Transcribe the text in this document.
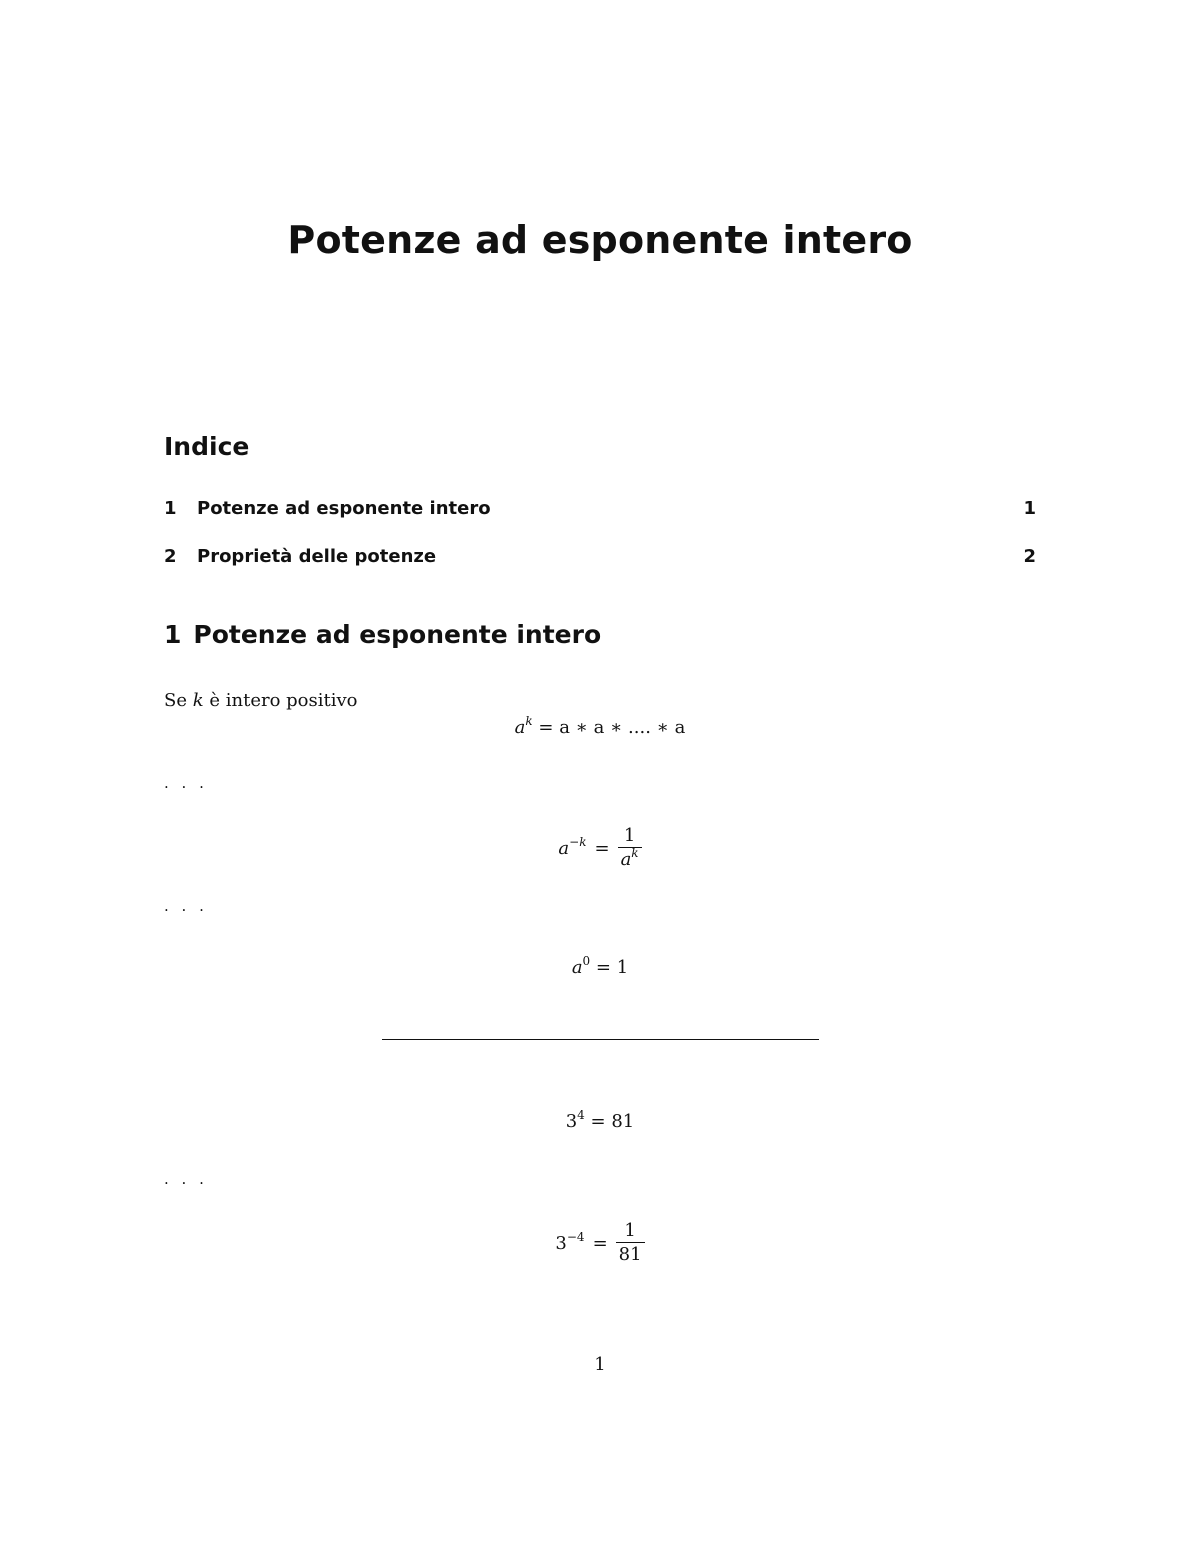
Potenze ad esponente intero
Indice
1 Potenze ad esponente intero	1
2 Proprietà delle potenze	2
1 Potenze ad esponente intero
Se k è intero positivo
$a^k = a$ ∗ a ∗ .... ∗ a
. . .
$a^{-k} = \frac{1}{a^k}$
. . .
$a^0 = 1$
$3^4 = 81$
. . .
$3^{-4} = \frac{1}{81}$
1
